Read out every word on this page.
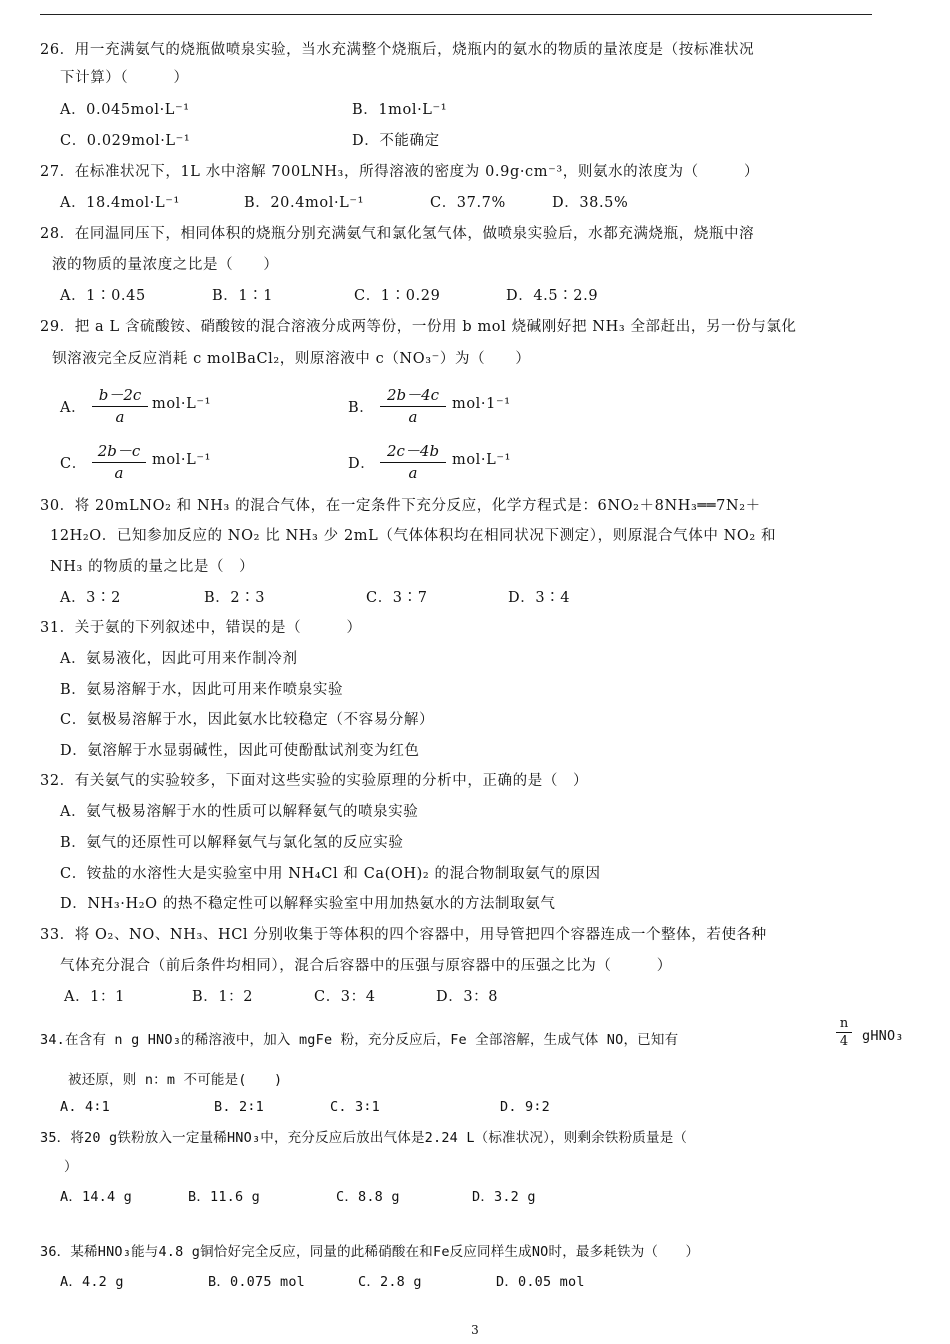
26．用一充满氨气的烧瓶做喷泉实验，当水充满整个烧瓶后，烧瓶内的氨水的物质的量浓度是（按标准状况
下计算）（　　　）
A．0.045mol·L⁻¹	B．1mol·L⁻¹
C．0.029mol·L⁻¹	D．不能确定
27．在标准状况下，1L 水中溶解 700LNH₃，所得溶液的密度为 0.9g·cm⁻³，则氨水的浓度为（　　　）
A．18.4mol·L⁻¹	B．20.4mol·L⁻¹	C．37.7%	D．38.5%
28．在同温同压下，相同体积的烧瓶分别充满氨气和氯化氢气体，做喷泉实验后，水都充满烧瓶，烧瓶中溶
液的物质的量浓度之比是（　　）
A．1∶0.45	B．1∶1	C．1∶0.29	D．4.5∶2.9
29．把 a L 含硫酸铵、硝酸铵的混合溶液分成两等份，一份用 b mol 烧碱刚好把 NH₃ 全部赶出，另一份与氯化
钡溶液完全反应消耗 c molBaCl₂，则原溶液中 c（NO₃⁻）为（　　）
A． $\frac{b-2c}{a} mol\cdot L^{-1}$	B． $\frac{2b-4c}{a} mol\cdot 1^{-1}$
C． $\frac{2b-c}{a} mol\cdot L^{-1}$	D． $\frac{2c-4b}{a} mol\cdot L^{-1}$
30．将 20mLNO₂ 和 NH₃ 的混合气体，在一定条件下充分反应，化学方程式是：6NO₂＋8NH₃══7N₂＋
12H₂O．已知参加反应的 NO₂ 比 NH₃ 少 2mL（气体体积均在相同状况下测定），则原混合气体中 NO₂ 和
NH₃ 的物质的量之比是（　）
A．3∶2	B．2∶3	C．3∶7	D．3∶4
31．关于氨的下列叙述中，错误的是（　　　）
A．氨易液化，因此可用来作制冷剂
B．氨易溶解于水，因此可用来作喷泉实验
C．氨极易溶解于水，因此氨水比较稳定（不容易分解）
D．氨溶解于水显弱碱性，因此可使酚酞试剂变为红色
32．有关氨气的实验较多，下面对这些实验的实验原理的分析中，正确的是（　）
A．氨气极易溶解于水的性质可以解释氨气的喷泉实验
B．氨气的还原性可以解释氨气与氯化氢的反应实验
C．铵盐的水溶性大是实验室中用 NH₄Cl 和 Ca(OH)₂ 的混合物制取氨气的原因
D．NH₃·H₂O 的热不稳定性可以解释实验室中用加热氨水的方法制取氨气
33．将 O₂、NO、NH₃、HCl 分别收集于等体积的四个容器中，用导管把四个容器连成一个整体，若使各种
气体充分混合（前后条件均相同），混合后容器中的压强与原容器中的压强之比为（　　　）
A．1：1	B．1：2	C．3：4	D．3：8
34.在含有 n g HNO₃的稀溶液中，加入 mgFe 粉，充分反应后，Fe 全部溶解，生成气体 NO，已知有	$\frac{n}{4}$ gHNO₃
被还原，则 n：m 不可能是(　　)
A. 4∶1	B. 2∶1	C. 3∶1	D. 9∶2
35．将20 g铁粉放入一定量稀HNO₃中，充分反应后放出气体是2.24 L（标准状况），则剩余铁粉质量是（
）
A．14.4 g	B．11.6 g	C．8.8 g	D．3.2 g
36．某稀HNO₃能与4.8 g铜恰好完全反应，同量的此稀硝酸在和Fe反应同样生成NO时，最多耗铁为（　　）
A．4.2 g	B．0.075 mol	C．2.8 g	D．0.05 mol
3
